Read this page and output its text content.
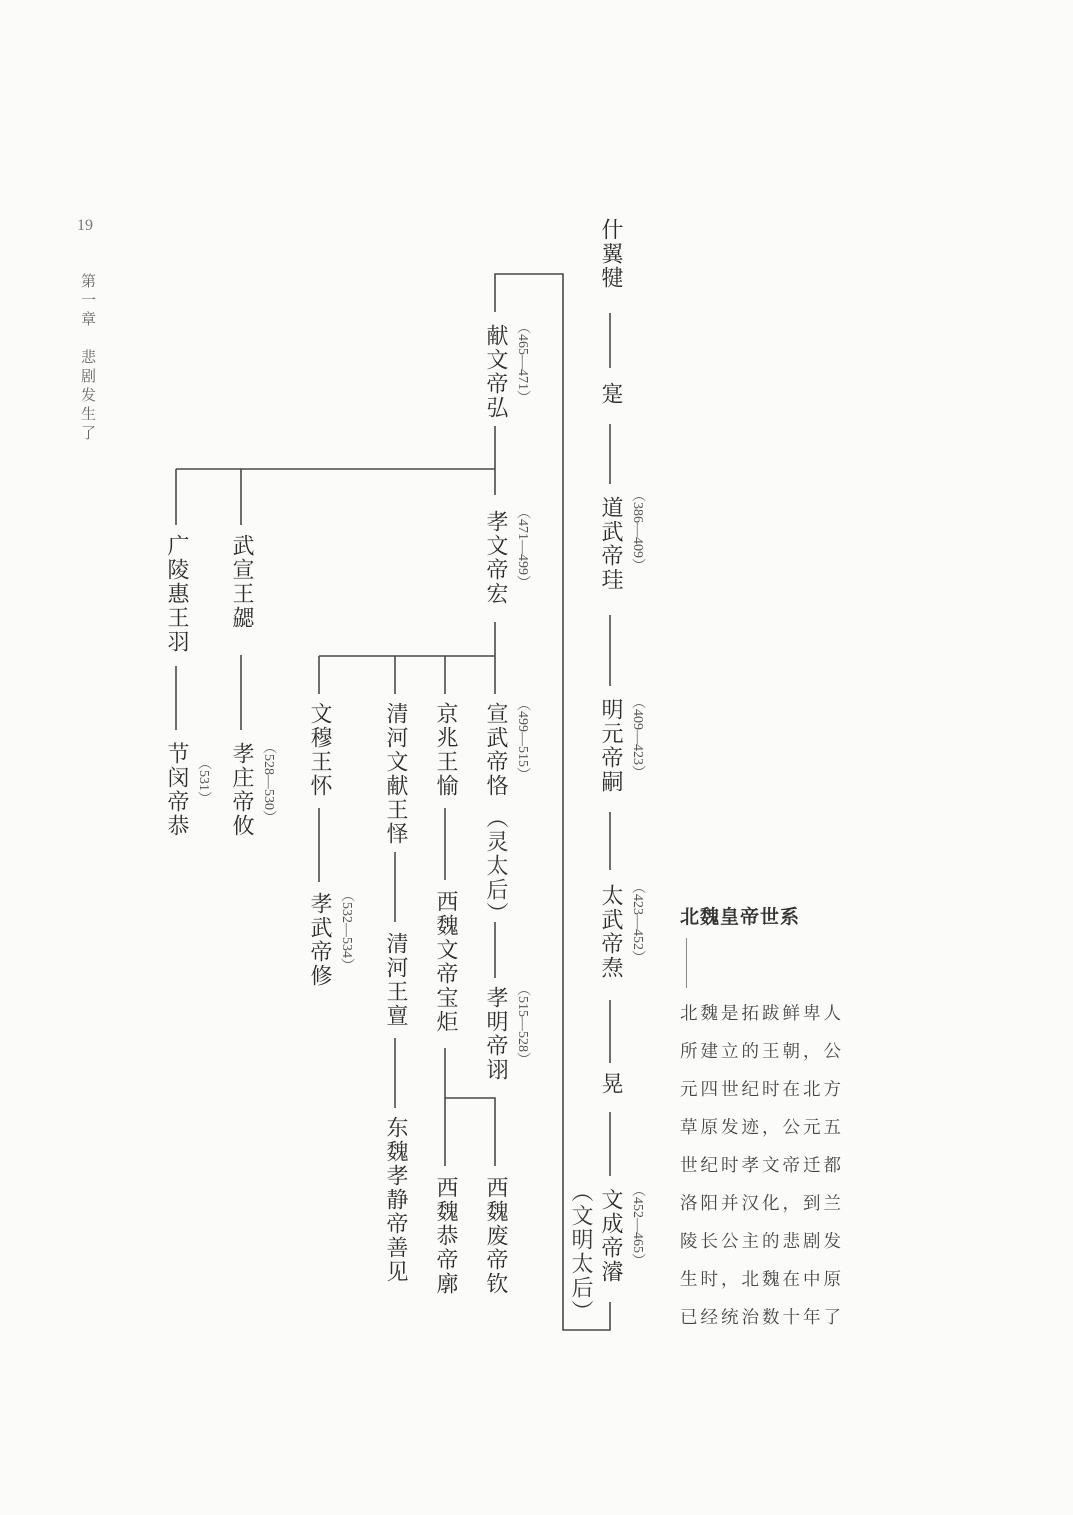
19
第一章　悲剧发生了
什翼犍
寔
道武帝珪 （386—409）
明元帝嗣 （409—423）
太武帝焘 （423—452）
晃
文成帝濬 （452—465）
（文明太后）
献文帝弘 （465—471）
孝文帝宏 （471—499）
武宣王勰
广陵惠王羽
孝庄帝攸 （528—530）
节闵帝恭 （531）	宣武帝恪 （499—515）
（灵太后）
孝明帝诩 （515—528）
京兆王愉
西魏文帝宝炬
西魏废帝钦
西魏恭帝廓
清河文献王怿
清河王亶
东魏孝静帝善见
文穆王怀
孝武帝修 （532—534）	北魏皇帝世系
北魏是拓跋鲜卑人
所建立的王朝，公
元四世纪时在北方
草原发迹，公元五
世纪时孝文帝迁都
洛阳并汉化，到兰
陵长公主的悲剧发
生时，北魏在中原
已经统治数十年了
